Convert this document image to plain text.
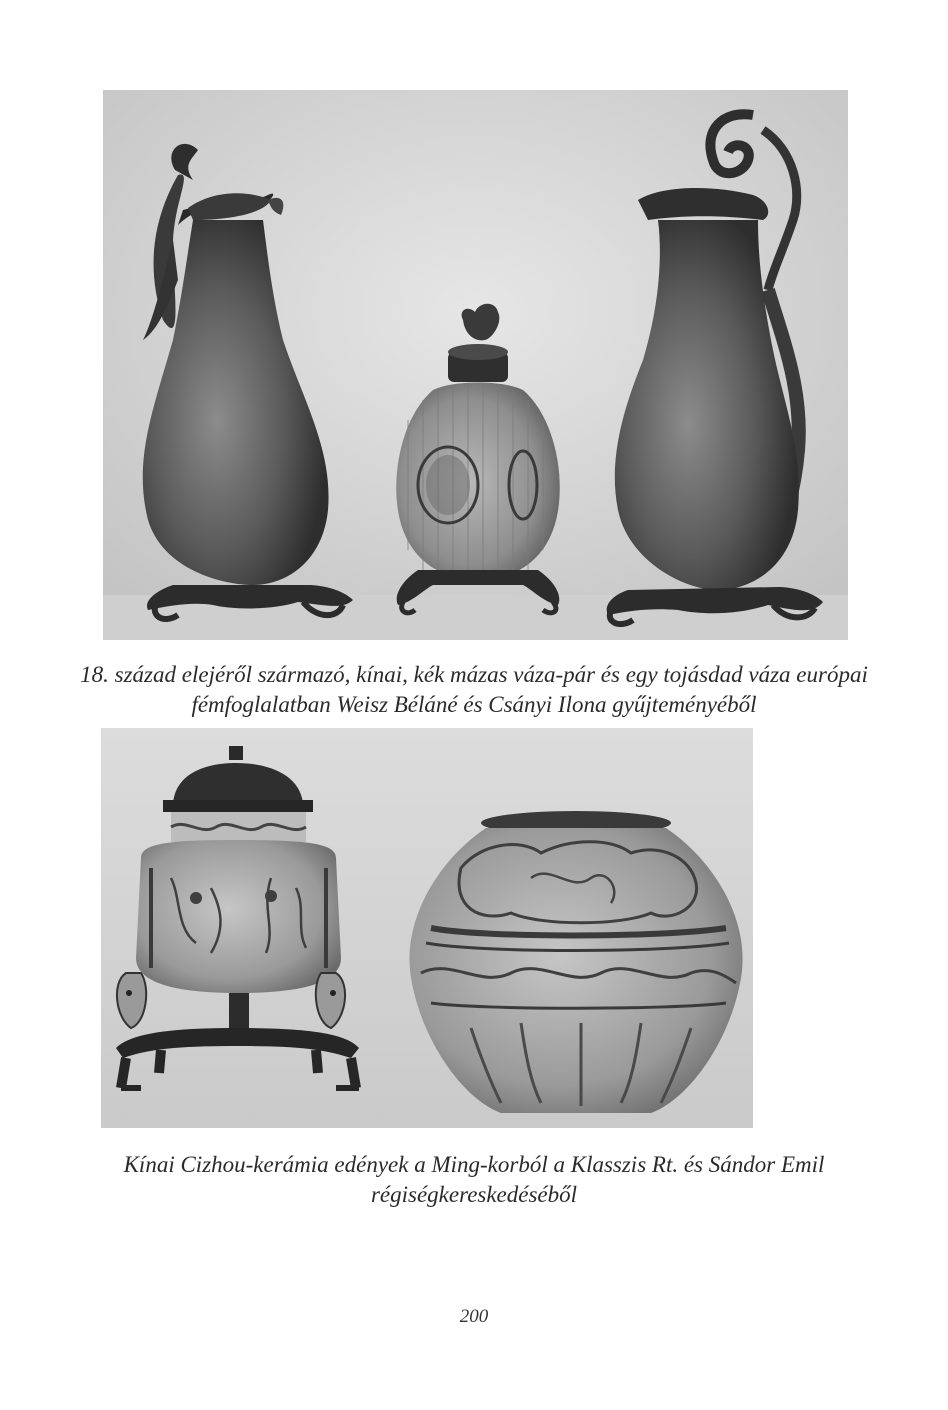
18. század elejéről származó, kínai, kék mázas váza-pár és egy tojásdad váza európai
fémfoglalatban Weisz Béláné és Csányi Ilona gyűjteményéből
Kínai Cizhou-kerámia edények a Ming-korból a Klasszis Rt. és Sándor Emil
régiségkereskedéséből
200
